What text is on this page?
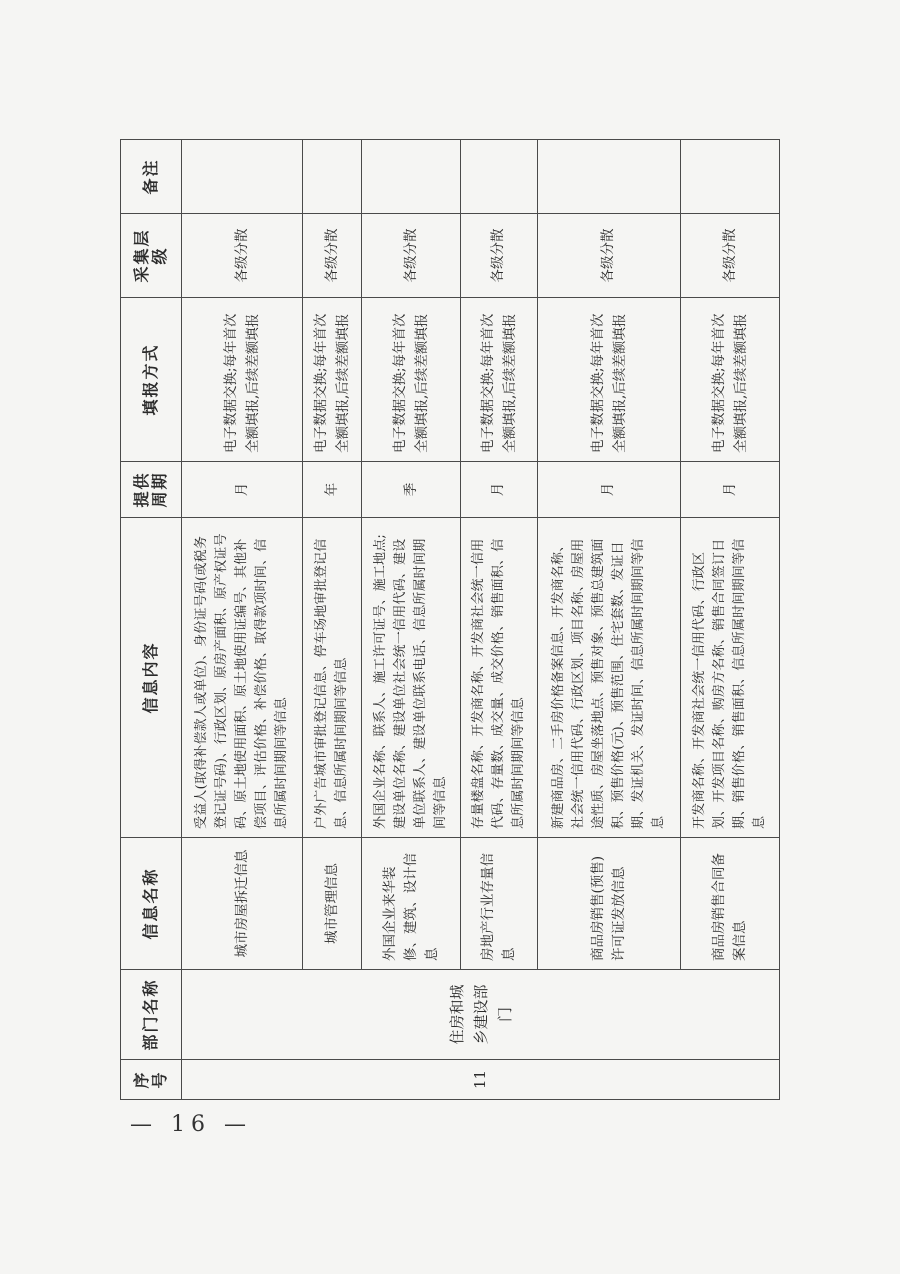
序号	部门名称	信息名称	信息内容	提供周期	填报方式	采集层级	备注
11	住房和城乡建设部门	城市房屋拆迁信息	受益人(取得补偿款人或单位)、身份证号码(或税务登记证号码)、行政区划、原房产面积、原产权证号码、原土地使用面积、原土地使用证编号、其他补偿项目、评估价格、补偿价格、取得款项时间、信息所属时间期间等信息	月	电子数据交换;每年首次全额填报,后续差额填报	各级分散	
		城市管理信息	户外广告城市审批登记信息、停车场地审批登记信息、信息所属时间期间等信息	年	电子数据交换;每年首次全额填报,后续差额填报	各级分散	
		外国企业来华装修、建筑、设计信息	外国企业名称、联系人、施工许可证号、施工地点;建设单位名称、建设单位社会统一信用代码、建设单位联系人、建设单位联系电话、信息所属时间期间等信息	季	电子数据交换;每年首次全额填报,后续差额填报	各级分散	
		房地产行业存量信息	存量楼盘名称、开发商名称、开发商社会统一信用代码、存量数、成交量、成交价格、销售面积、信息所属时间期间等信息	月	电子数据交换;每年首次全额填报,后续差额填报	各级分散	
		商品房销售(预售)许可证发放信息	新建商品房、二手房价格备案信息、开发商名称、社会统一信用代码、行政区划、项目名称、房屋用途性质、房屋坐落地点、预售对象、预售总建筑面积、预售价格(元)、预售范围、住宅套数、发证日期、发证机关、发证时间、信息所属时间期间等信息	月	电子数据交换;每年首次全额填报,后续差额填报	各级分散	
		商品房销售合同备案信息	开发商名称、开发商社会统一信用代码、行政区划、开发项目名称、购房方名称、销售合同签订日期、销售价格、销售面积、信息所属时间期间等信息	月	电子数据交换;每年首次全额填报,后续差额填报	各级分散	
— 16 —
